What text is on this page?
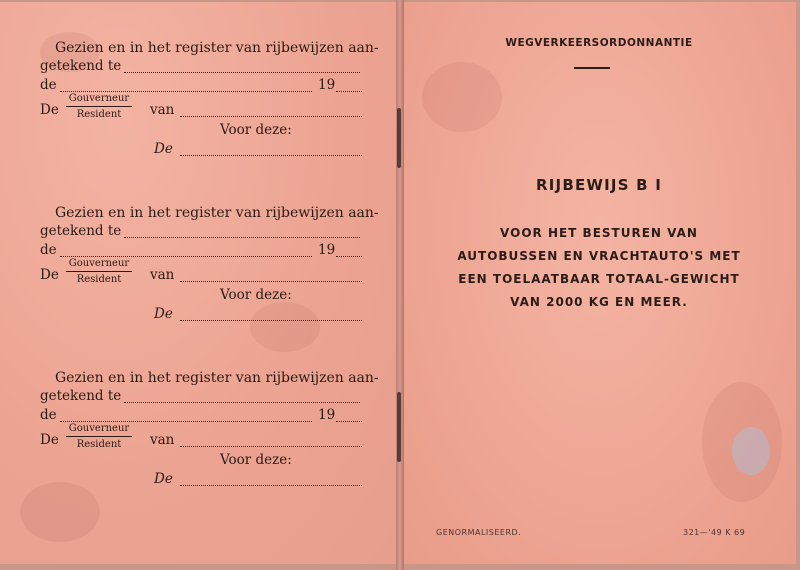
Gezien en in het register van rijbewijzen aan-
getekend te
de	19
De
Gouverneur
Resident	van
Voor deze:
De
Gezien en in het register van rijbewijzen aan-
getekend te
de	19
De
Gouverneur
Resident	van
Voor deze:
De
Gezien en in het register van rijbewijzen aan-
getekend te
de	19
De
Gouverneur
Resident	van
Voor deze:
De
WEGVERKEERSORDONNANTIE
RIJBEWIJS B I
VOOR HET BESTUREN VAN
AUTOBUSSEN EN VRACHTAUTO'S MET
EEN TOELAATBAAR TOTAAL-GEWICHT
VAN 2000 KG EN MEER.
GENORMALISEERD.	321—'49 K 69
